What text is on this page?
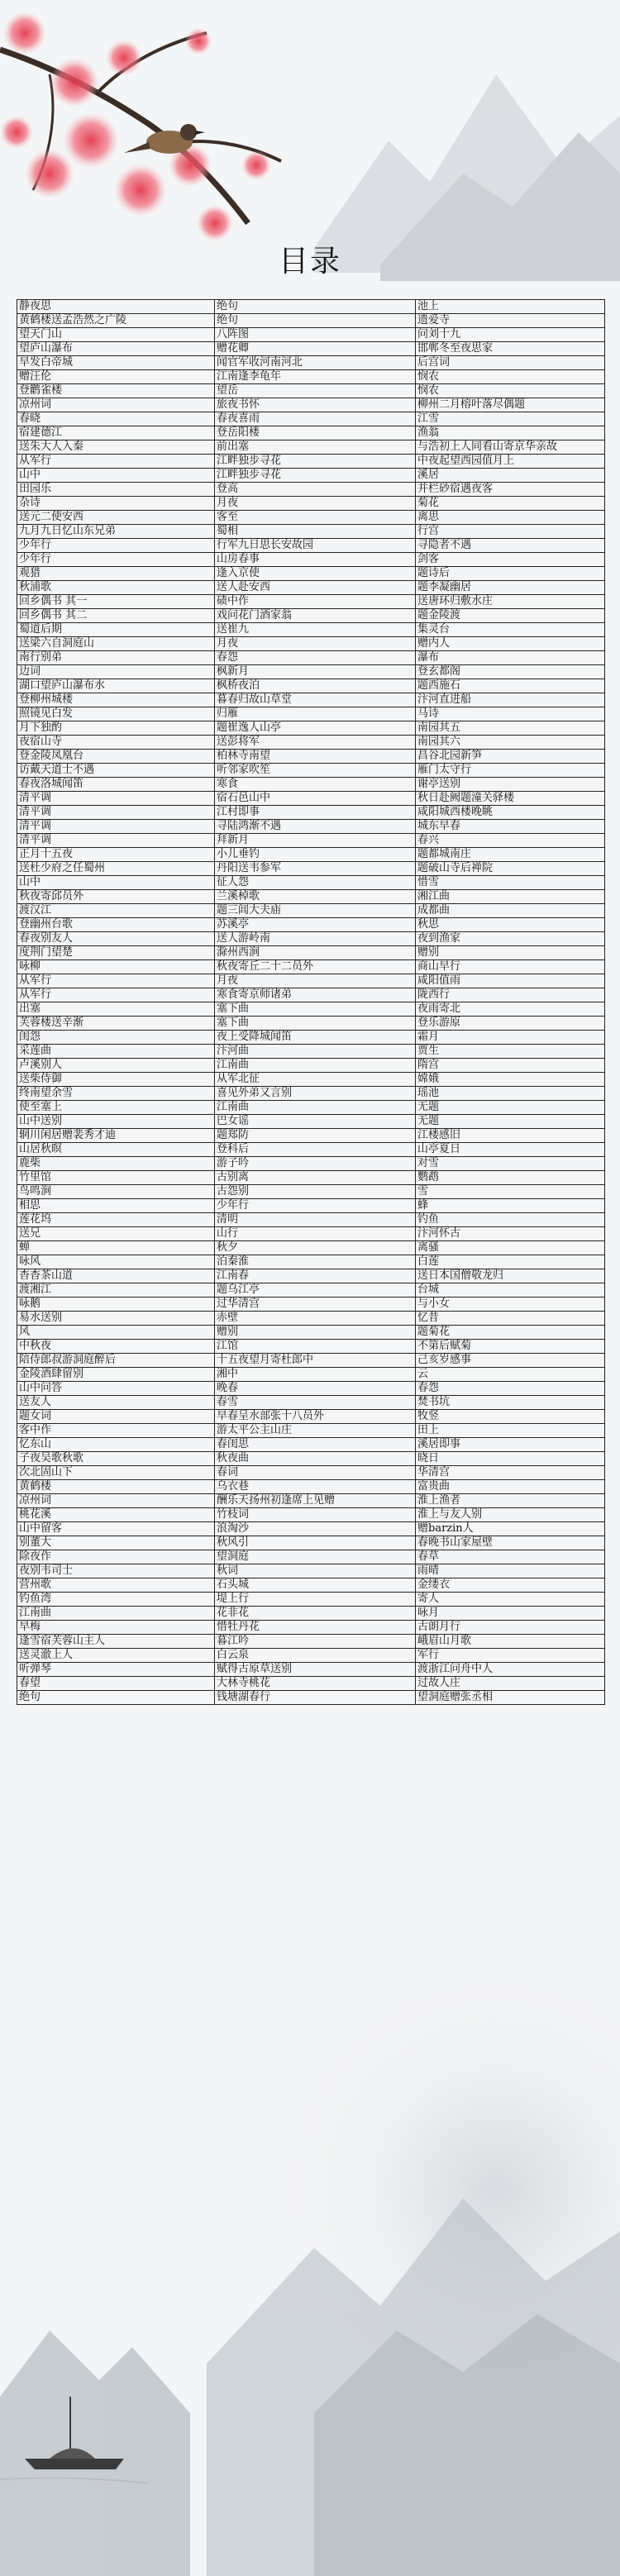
目录
静夜思	绝句	池上
黄鹤楼送孟浩然之广陵	绝句	遗爱寺
望天门山	八阵图	问刘十九
望庐山瀑布	赠花卿	邯郸冬至夜思家
早发白帝城	闻官军收河南河北	后宫词
赠汪伦	江南逢李龟年	悯农
登鹳雀楼	望岳	悯农
凉州词	旅夜书怀	柳州二月榕叶落尽偶题
春晓	春夜喜雨	江雪
宿建德江	登岳阳楼	渔翁
送朱大人入秦	前出塞	与浩初上人同看山寄京华亲故
从军行	江畔独步寻花	中夜起望西园值月上
山中	江畔独步寻花	溪居
田园乐	登高	并栏砂宿遇夜客
杂诗	月夜	菊花
送元二使安西	客至	离思
九月九日忆山东兄弟	蜀相	行宫
少年行	行军九日思长安故园	寻隐者不遇
少年行	山房春事	剑客
观猎	逢入京使	题诗后
秋浦歌	送人赴安西	题李凝幽居
回乡偶书 其一	碛中作	送唐环归敷水庄
回乡偶书 其二	戏问花门酒家翁	题金陵渡
蜀道后期	送崔九	集灵台
送梁六自洞庭山	月夜	赠内人
南行别弟	春怨	瀑布
边词	枫新月	登玄都阁
湖口望庐山瀑布水	枫桥夜泊	题西施石
登柳州城楼	暮春归故山草堂	汴河直进船
照镜见白发	归雁	马诗
月下独酌	题崔逸人山亭	南园其五
夜宿山寺	送彭将军	南园其六
登金陵凤凰台	柏林寺南望	昌谷北园新笋
访戴天道士不遇	听邻家吹笙	雁门太守行
春夜洛城闻笛	寒食	谢亭送别
清平调	宿石邑山中	秋日赴阙题潼关驿楼
清平调	江村即事	咸阳城西楼晚眺
清平调	寻陆鸿渐不遇	城东早春
清平调	拜新月	春兴
正月十五夜	小儿垂钓	题都城南庄
送杜少府之任蜀州	丹阳送韦参军	题破山寺后禅院
山中	征人怨	惜雪
秋夜寄邱员外	兰溪棹歌	湘江曲
渡汉江	题三闾大夫庙	成都曲
登幽州台歌	苏溪亭	秋思
春夜别友人	送人游岭南	夜到渔家
度荆门望楚	滁州西涧	赠别
咏柳	秋夜寄丘二十二员外	商山早行
从军行	月夜	咸阳值雨
从军行	寒食寄京师诸弟	陇西行
出塞	塞下曲	夜雨寄北
芙蓉楼送辛渐	塞下曲	登乐游原
闺怨	夜上受降城闻笛	霜月
采莲曲	汴河曲	贾生
卢溪别人	江南曲	隋宫
送柴侍御	从军北征	嫦娥
终南望余雪	喜见外弟又言别	瑶池
使至塞上	江南曲	无题
山中送别	巴女谣	无题
辋川闲居赠裴秀才迪	题郑防	江楼感旧
山居秋暝	登科后	山亭夏日
鹿柴	游子吟	对雪
竹里馆	古别离	鹦鹉
鸟鸣涧	古怨别	雪
相思	少年行	蜂
莲花坞	清明	钓鱼
送兄	山行	汴河怀古
蝉	秋夕	离骚
咏风	泊秦淮	白莲
杳杳茶山道	江南春	送日本国僧敬龙归
渡湘江	题乌江亭	台城
咏鹅	过华清宫	与小女
易水送别	赤壁	忆昔
风	赠别	题菊花
中秋夜	江馆	不第后赋菊
陪侍郎叔游洞庭醉后	十五夜望月寄杜郎中	己亥岁感事
金陵酒肆留别	湘中	云
山中问答	晚春	春怨
送友人	春雪	焚书坑
题女词	早春呈水部张十八员外	牧竖
客中作	游太平公主山庄	田上
忆东山	春闺思	溪居即事
子夜吴歌秋歌	秋夜曲	晓日
次北固山下	春词	华清宫
黄鹤楼	乌衣巷	富贵曲
凉州词	酬乐天扬州初逢席上见赠	淮上渔者
桃花溪	竹枝词	淮上与友人别
山中留客	浪淘沙	赠barzin人
别董大	秋风引	春晚书山家屋壁
除夜作	望洞庭	春草
夜别韦司士	秋词	雨晴
营州歌	石头城	金缕衣
钓鱼湾	堤上行	寄人
江南曲	花非花	咏月
早梅	惜牡丹花	古朗月行
逢雪宿芙蓉山主人	暮江吟	峨眉山月歌
送灵澈上人	白云泉	军行
听弹琴	赋得古原草送别	渡浙江问舟中人
春望	大林寺桃花	过故人庄
绝句	钱塘湖春行	望洞庭赠张丞相
